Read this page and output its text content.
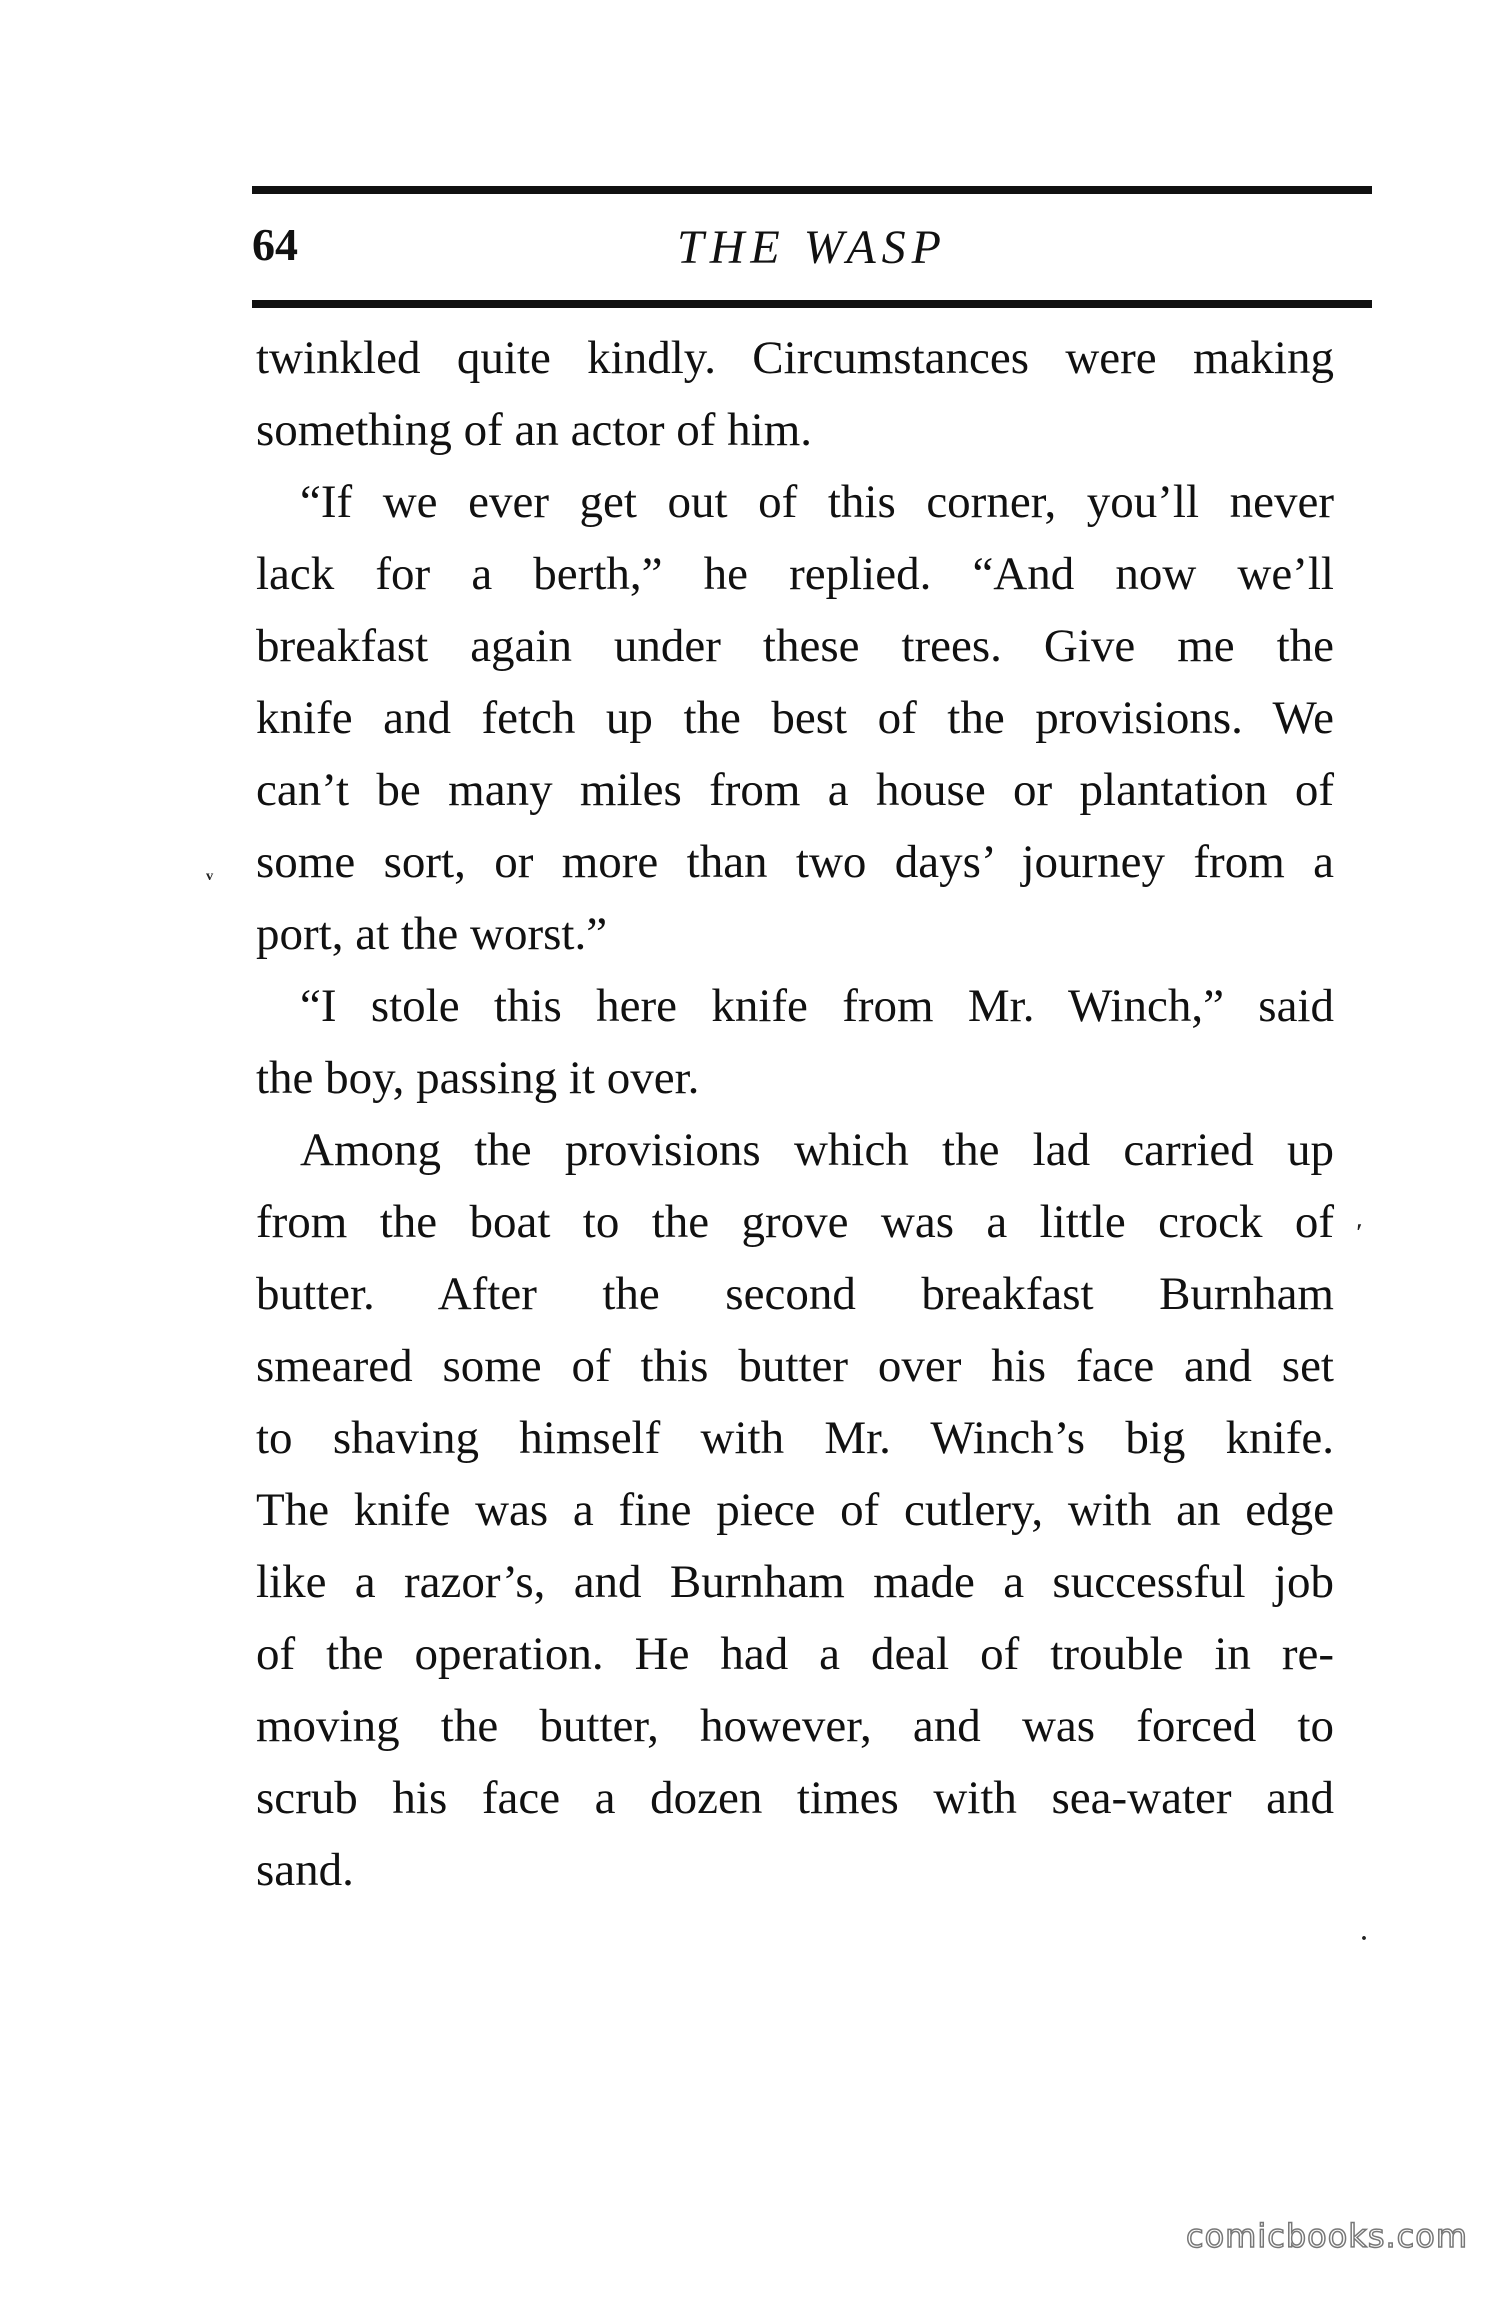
64	THE WASP
twinkled quite kindly. Circumstances were making
something of an actor of him.
“If we ever get out of this corner, you’ll never
lack for a berth,” he replied. “And now we’ll
breakfast again under these trees. Give me the
knife and fetch up the best of the provisions. We
can’t be many miles from a house or plantation of
some sort, or more than two days’ journey from a
port, at the worst.”
“I stole this here knife from Mr. Winch,” said
the boy, passing it over.
Among the provisions which the lad carried up
from the boat to the grove was a little crock of
butter. After the second breakfast Burnham
smeared some of this butter over his face and set
to shaving himself with Mr. Winch’s big knife.
The knife was a fine piece of cutlery, with an edge
like a razor’s, and Burnham made a successful job
of the operation. He had a deal of trouble in re-
moving the butter, however, and was forced to
scrub his face a dozen times with sea-water and
sand.
ᵥ
ʹ
·
comicbooks.com
